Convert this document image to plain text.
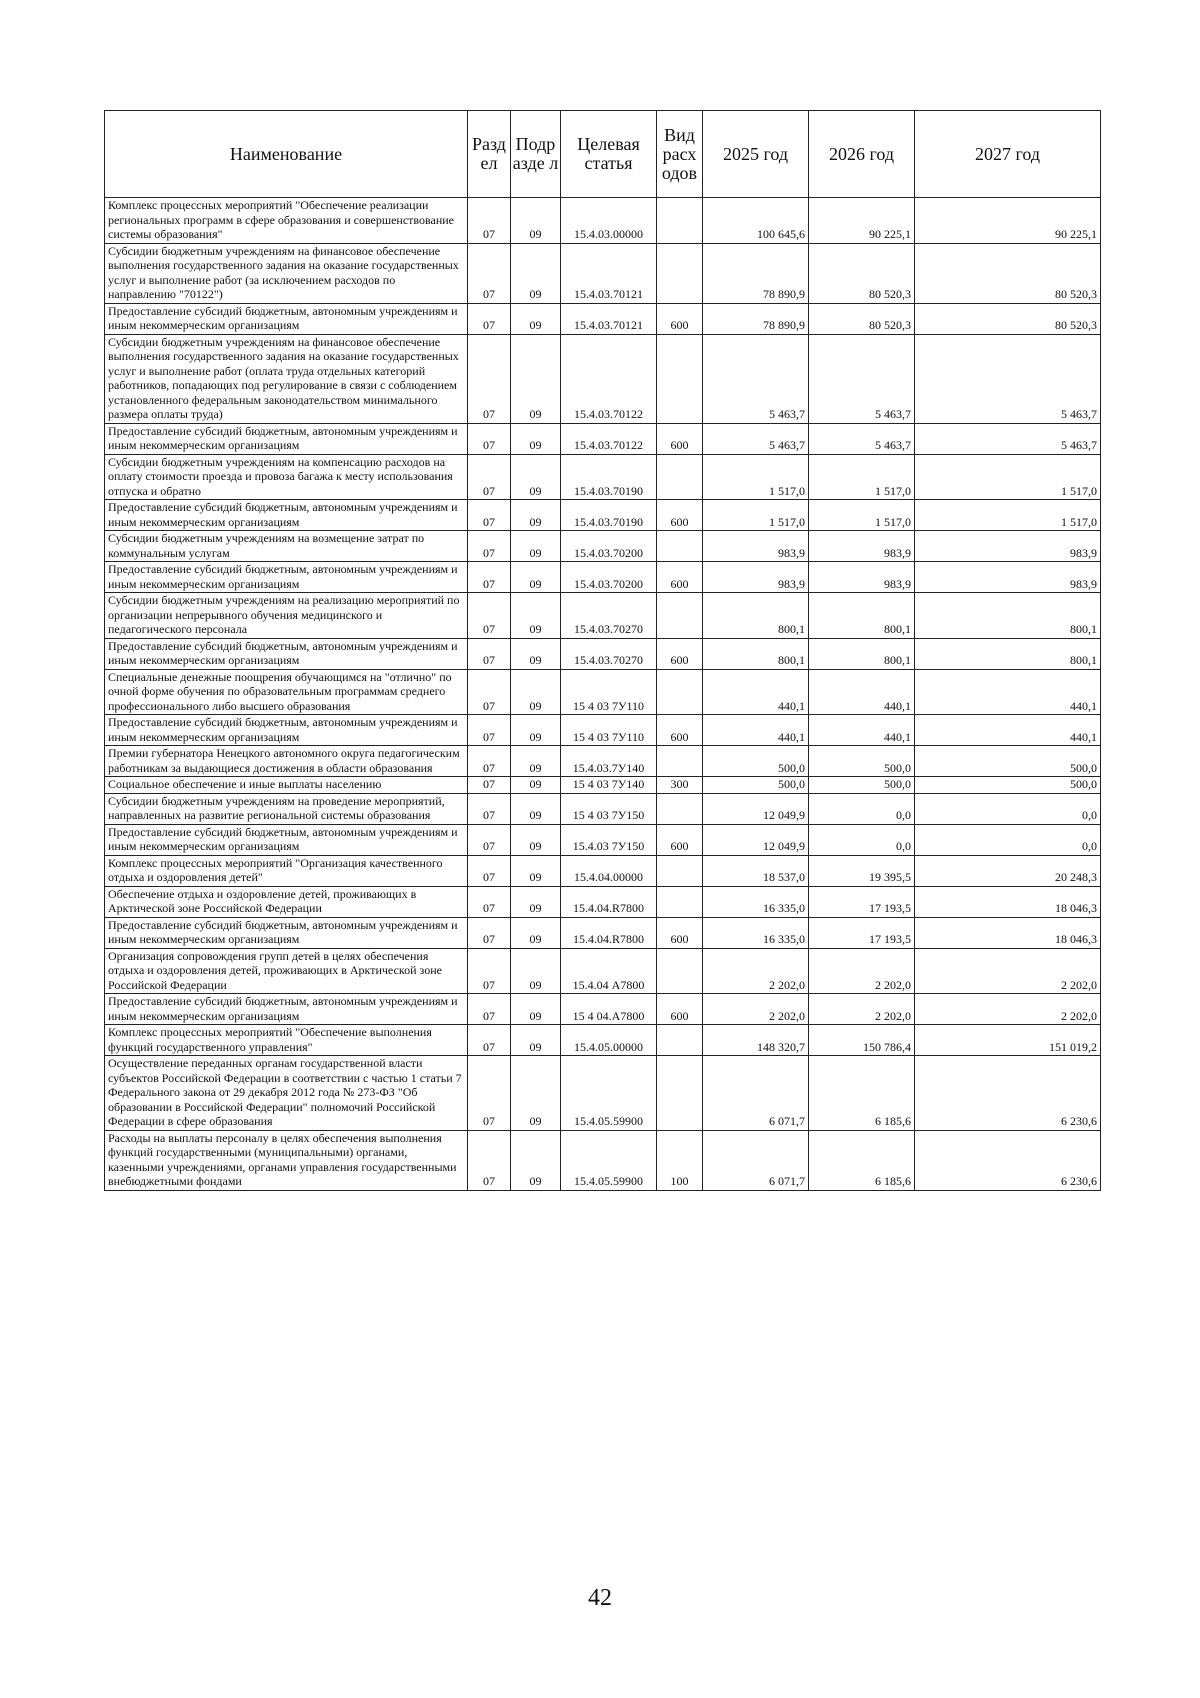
Наименование	Разд ел	Подр азде л	Целевая статья	Вид расх одов	2025 год	2026 год	2027 год
Комплекс процессных мероприятий "Обеспечение реализации региональных программ в сфере образования и совершенствование системы образования"	07	09	15.4.03.00000		100 645,6	90 225,1	90 225,1
Субсидии бюджетным учреждениям на финансовое обеспечение выполнения государственного задания на оказание государственных услуг и выполнение работ (за исключением расходов по направлению "70122")	07	09	15.4.03.70121		78 890,9	80 520,3	80 520,3
Предоставление субсидий бюджетным, автономным учреждениям и иным некоммерческим организациям	07	09	15.4.03.70121	600	78 890,9	80 520,3	80 520,3
Субсидии бюджетным учреждениям на финансовое обеспечение выполнения государственного задания на оказание государственных услуг и выполнение работ (оплата труда отдельных категорий работников, попадающих под регулирование в связи с соблюдением установленного федеральным законодательством минимального размера оплаты труда)	07	09	15.4.03.70122		5 463,7	5 463,7	5 463,7
Предоставление субсидий бюджетным, автономным учреждениям и иным некоммерческим организациям	07	09	15.4.03.70122	600	5 463,7	5 463,7	5 463,7
Субсидии бюджетным учреждениям на компенсацию расходов на оплату стоимости проезда и провоза багажа к месту использования отпуска и обратно	07	09	15.4.03.70190		1 517,0	1 517,0	1 517,0
Предоставление субсидий бюджетным, автономным учреждениям и иным некоммерческим организациям	07	09	15.4.03.70190	600	1 517,0	1 517,0	1 517,0
Субсидии бюджетным учреждениям на возмещение затрат по коммунальным услугам	07	09	15.4.03.70200		983,9	983,9	983,9
Предоставление субсидий бюджетным, автономным учреждениям и иным некоммерческим организациям	07	09	15.4.03.70200	600	983,9	983,9	983,9
Субсидии бюджетным учреждениям на реализацию мероприятий по организации непрерывного обучения медицинского и педагогического персонала	07	09	15.4.03.70270		800,1	800,1	800,1
Предоставление субсидий бюджетным, автономным учреждениям и иным некоммерческим организациям	07	09	15.4.03.70270	600	800,1	800,1	800,1
Специальные денежные поощрения обучающимся на "отлично" по очной форме обучения по образовательным программам среднего профессионального либо высшего образования	07	09	15 4 03 7У110		440,1	440,1	440,1
Предоставление субсидий бюджетным, автономным учреждениям и иным некоммерческим организациям	07	09	15 4 03 7У110	600	440,1	440,1	440,1
Премии губернатора Ненецкого автономного округа педагогическим работникам за выдающиеся достижения в области образования	07	09	15.4.03.7У140		500,0	500,0	500,0
Социальное обеспечение и иные выплаты населению	07	09	15 4 03 7У140	300	500,0	500,0	500,0
Субсидии бюджетным учреждениям на проведение мероприятий, направленных на развитие региональной системы образования	07	09	15 4 03 7У150		12 049,9	0,0	0,0
Предоставление субсидий бюджетным, автономным учреждениям и иным некоммерческим организациям	07	09	15.4.03 7У150	600	12 049,9	0,0	0,0
Комплекс процессных мероприятий "Организация качественного отдыха и оздоровления детей"	07	09	15.4.04.00000		18 537,0	19 395,5	20 248,3
Обеспечение отдыха и оздоровление детей, проживающих в Арктической зоне Российской Федерации	07	09	15.4.04.R7800		16 335,0	17 193,5	18 046,3
Предоставление субсидий бюджетным, автономным учреждениям и иным некоммерческим организациям	07	09	15.4.04.R7800	600	16 335,0	17 193,5	18 046,3
Организация сопровождения групп детей в целях обеспечения отдыха и оздоровления детей, проживающих в Арктической зоне Российской Федерации	07	09	15.4.04 А7800		2 202,0	2 202,0	2 202,0
Предоставление субсидий бюджетным, автономным учреждениям и иным некоммерческим организациям	07	09	15 4 04.А7800	600	2 202,0	2 202,0	2 202,0
Комплекс процессных мероприятий "Обеспечение выполнения функций государственного управления"	07	09	15.4.05.00000		148 320,7	150 786,4	151 019,2
Осуществление переданных органам государственной власти субъектов Российской Федерации в соответствии с частью 1 статьи 7 Федерального закона от 29 декабря 2012 года № 273-ФЗ "Об образовании в Российской Федерации" полномочий Российской Федерации в сфере образования	07	09	15.4.05.59900		6 071,7	6 185,6	6 230,6
Расходы на выплаты персоналу в целях обеспечения выполнения функций государственными (муниципальными) органами, казенными учреждениями, органами управления государственными внебюджетными фондами	07	09	15.4.05.59900	100	6 071,7	6 185,6	6 230,6
42
